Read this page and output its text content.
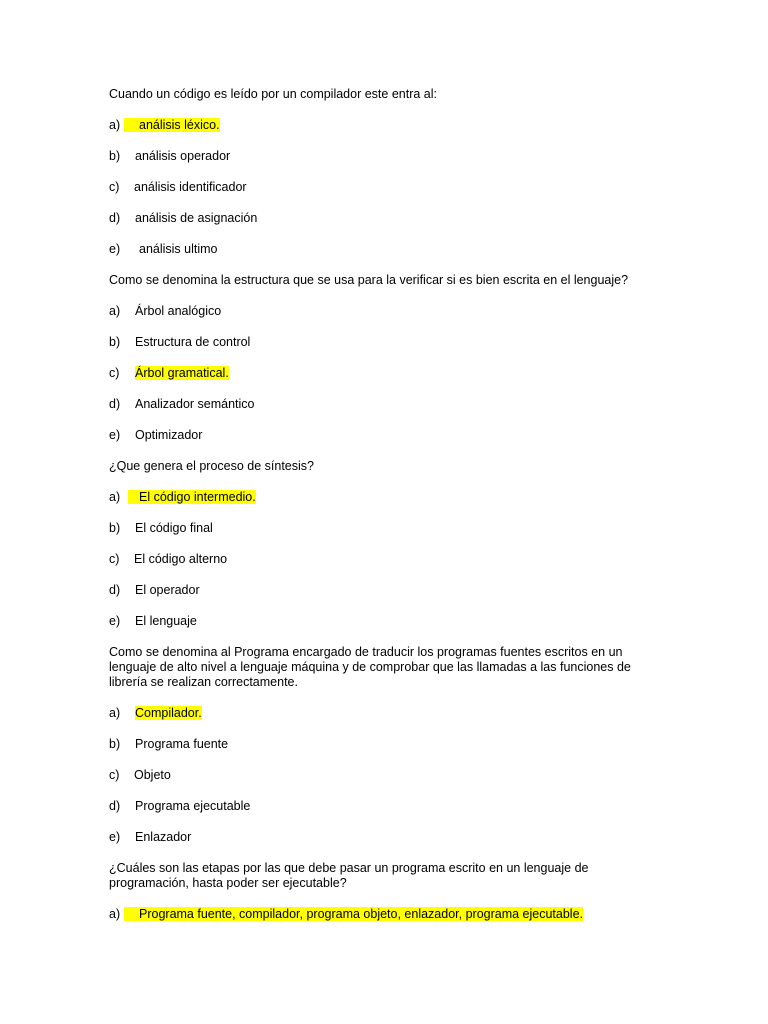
Cuando un código es leído por un compilador este entra al:
a)	análisis léxico.
b) análisis operador
c) análisis identificador
d) análisis de asignación
e) análisis ultimo
Como se denomina la estructura que se usa para la verificar si es bien escrita en el lenguaje?
a) Árbol analógico
b) Estructura de control
c) Árbol gramatical.
d) Analizador semántico
e) Optimizador
¿Que genera el proceso de síntesis?
a)	El código intermedio.
b) El código final
c) El código alterno
d) El operador
e) El lenguaje
Como se denomina al Programa encargado de traducir los programas fuentes escritos en un
lenguaje de alto nivel a lenguaje máquina y de comprobar que las llamadas a las funciones de
librería se realizan correctamente.
a) Compilador.
b) Programa fuente
c) Objeto
d) Programa ejecutable
e) Enlazador
¿Cuáles son las etapas por las que debe pasar un programa escrito en un lenguaje de
programación, hasta poder ser ejecutable?
a)	Programa fuente, compilador, programa objeto, enlazador, programa ejecutable.
